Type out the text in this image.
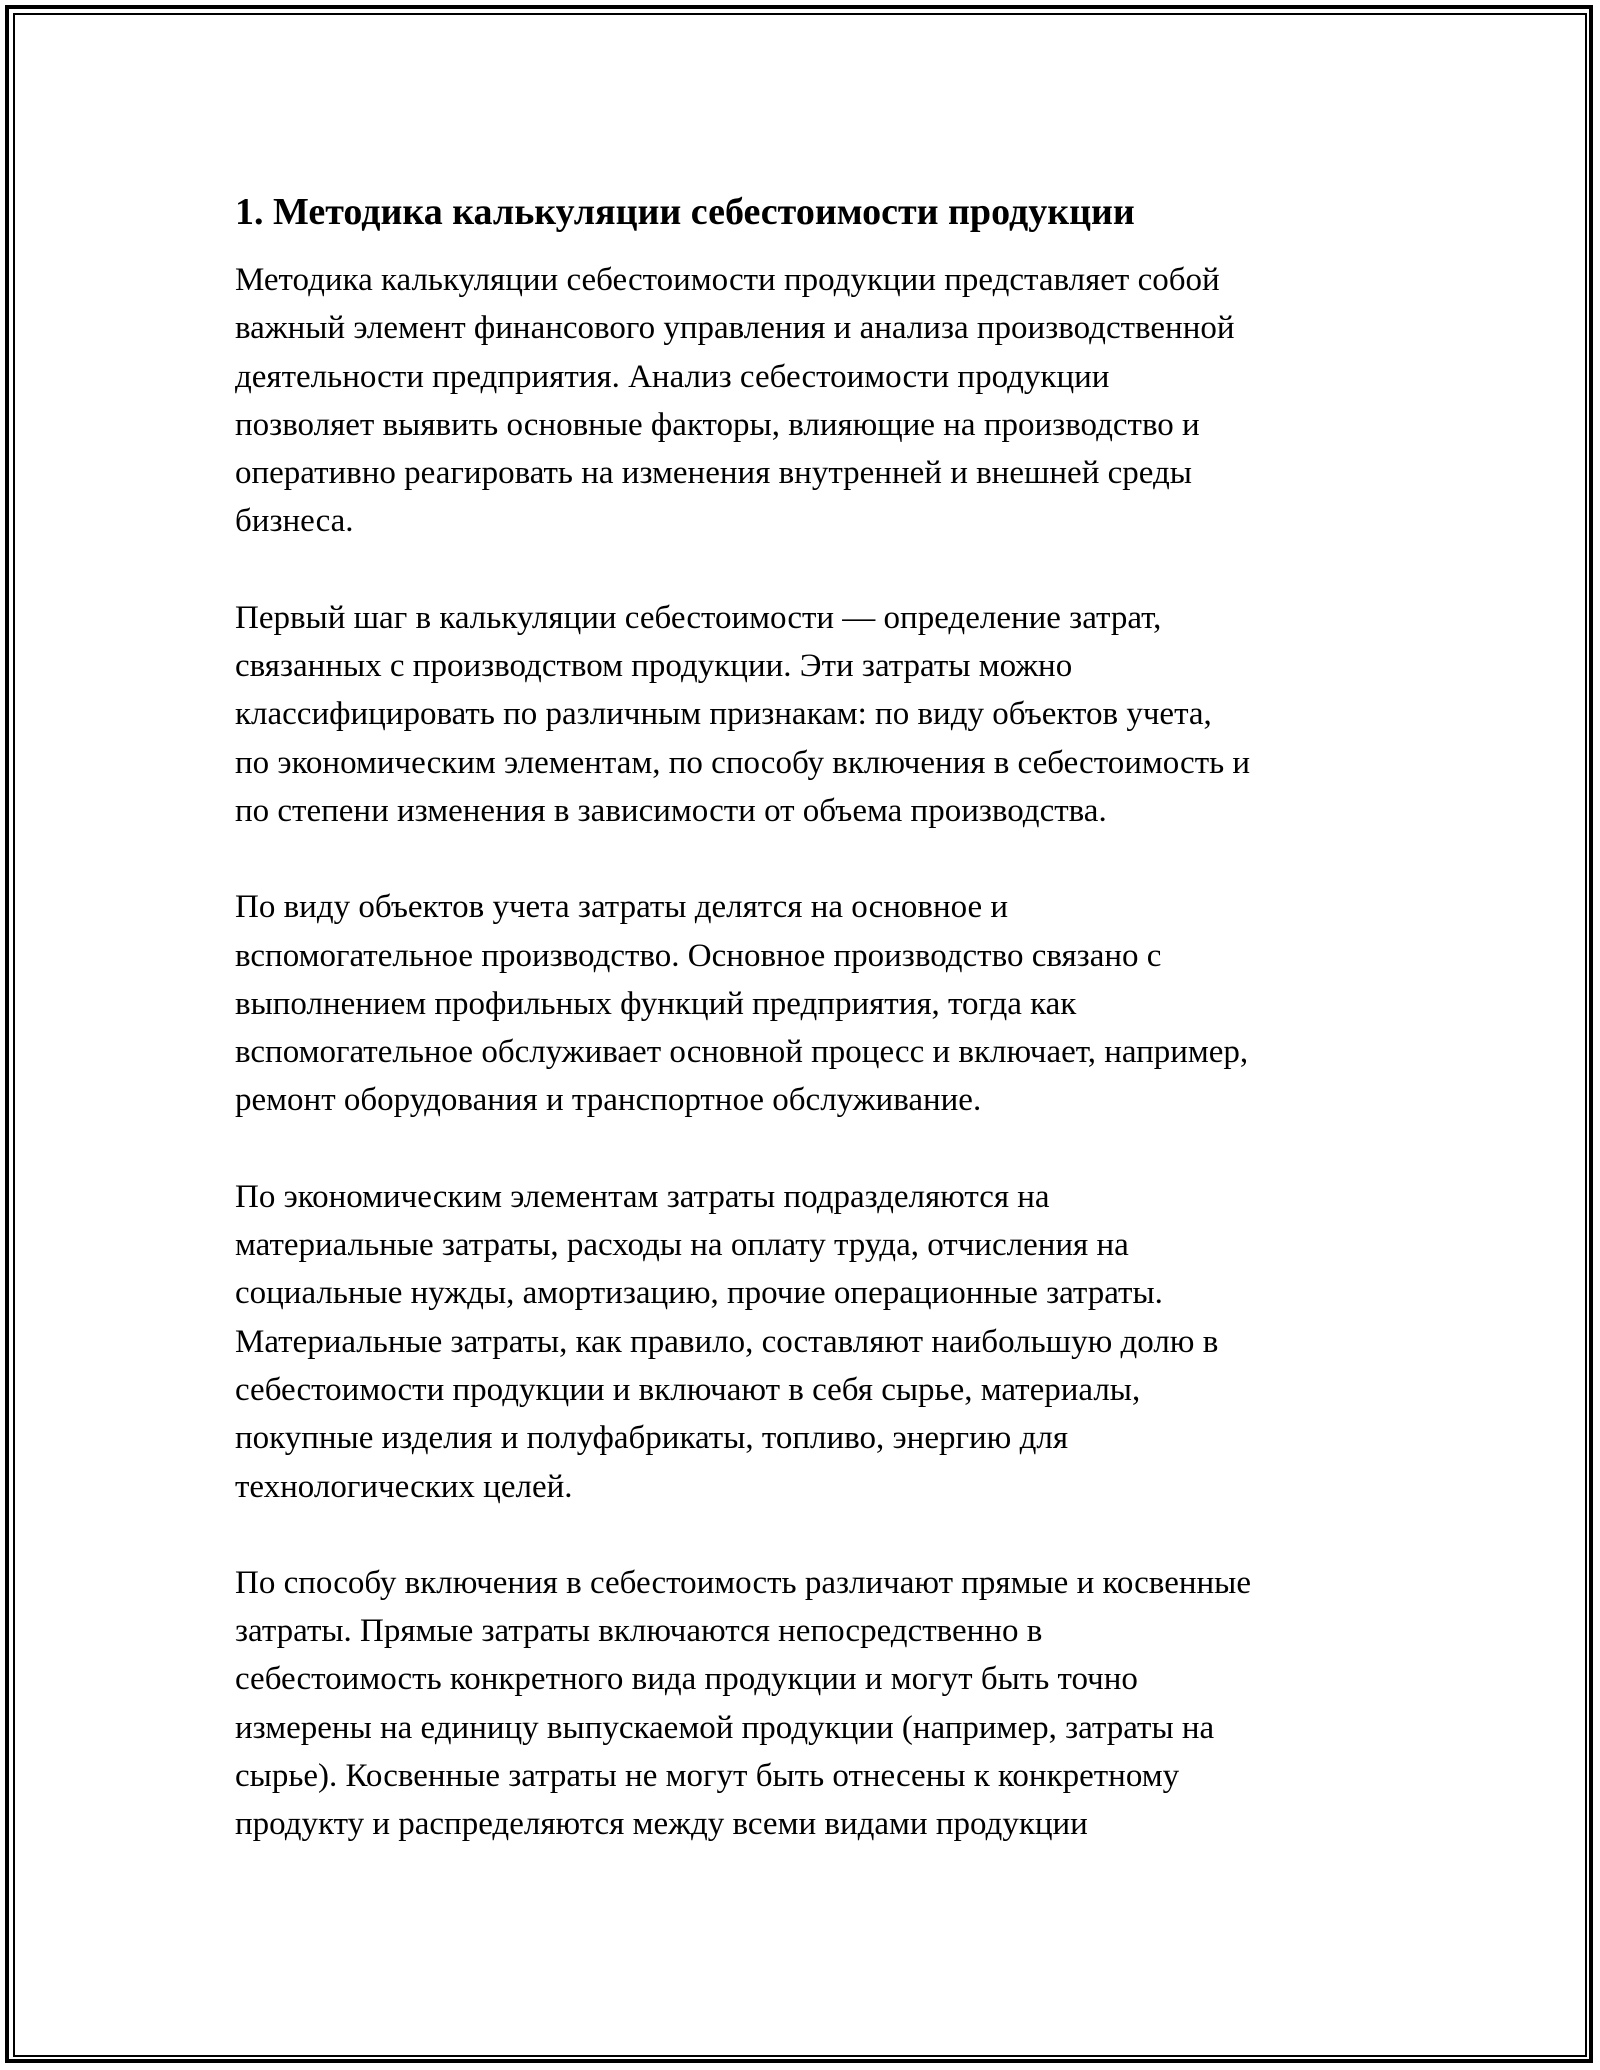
1. Методика калькуляции себестоимости продукции

Методика калькуляции себестоимости продукции представляет собой
важный элемент финансового управления и анализа производственной
деятельности предприятия. Анализ себестоимости продукции
позволяет выявить основные факторы, влияющие на производство и
оперативно реагировать на изменения внутренней и внешней среды
бизнеса.

Первый шаг в калькуляции себестоимости — определение затрат,
связанных с производством продукции. Эти затраты можно
классифицировать по различным признакам: по виду объектов учета,
по экономическим элементам, по способу включения в себестоимость и
по степени изменения в зависимости от объема производства.

По виду объектов учета затраты делятся на основное и
вспомогательное производство. Основное производство связано с
выполнением профильных функций предприятия, тогда как
вспомогательное обслуживает основной процесс и включает, например,
ремонт оборудования и транспортное обслуживание.

По экономическим элементам затраты подразделяются на
материальные затраты, расходы на оплату труда, отчисления на
социальные нужды, амортизацию, прочие операционные затраты.
Материальные затраты, как правило, составляют наибольшую долю в
себестоимости продукции и включают в себя сырье, материалы,
покупные изделия и полуфабрикаты, топливо, энергию для
технологических целей.

По способу включения в себестоимость различают прямые и косвенные
затраты. Прямые затраты включаются непосредственно в
себестоимость конкретного вида продукции и могут быть точно
измерены на единицу выпускаемой продукции (например, затраты на
сырье). Косвенные затраты не могут быть отнесены к конкретному
продукту и распределяются между всеми видами продукции
